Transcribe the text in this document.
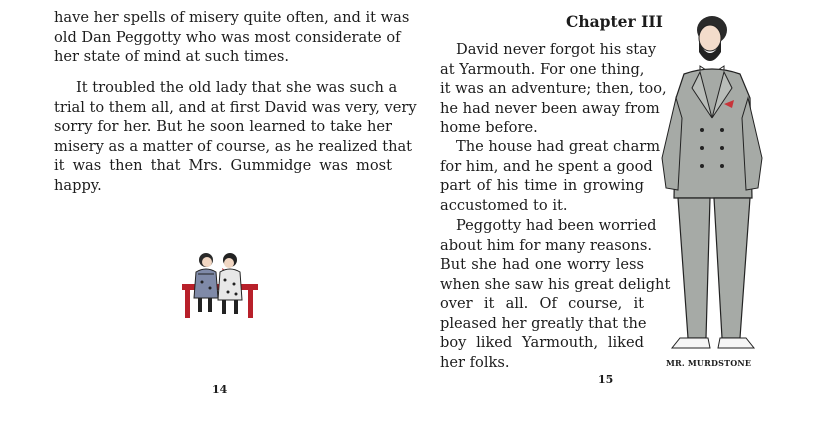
have her spells of misery quite often, and it was
old Dan Peggotty who was most considerate of
her state of mind at such times.
It troubled the old lady that she was such a
trial to them all, and at first David was very, very
sorry for her. But he soon learned to take her
misery as a matter of course, as he realized that
it was then that Mrs. Gummidge was most
happy.
14
Chapter III
David never forgot his stay
at Yarmouth. For one thing,
it was an adventure; then, too,
he had never been away from
home before.
The house had great charm
for him, and he spent a good
part of his time in growing
accustomed to it.
Peggotty had been worried
about him for many reasons.
But she had one worry less
when she saw his great delight
over it all. Of course, it
pleased her greatly that the
boy liked Yarmouth, liked
her folks.	MR. MURDSTONE
15
